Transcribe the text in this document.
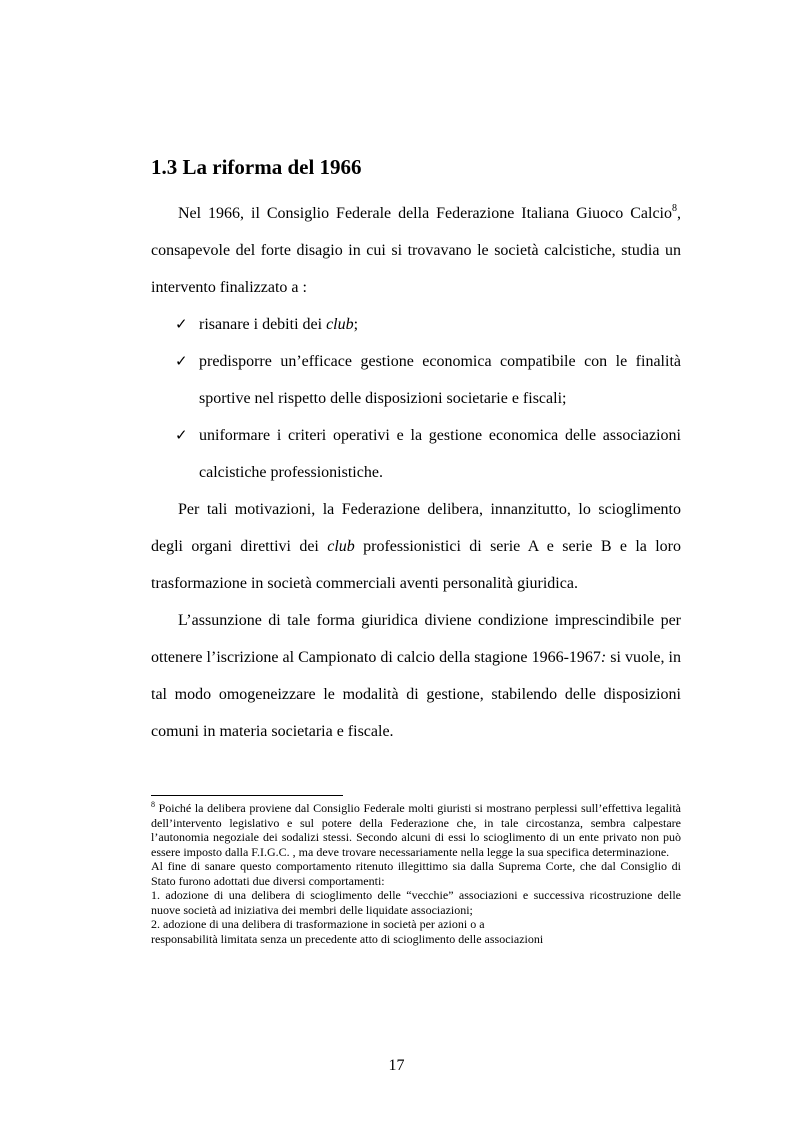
1.3 La riforma del 1966

Nel 1966, il Consiglio Federale della Federazione Italiana Giuoco Calcio$^8$, consapevole del forte disagio in cui si trovavano le società calcistiche, studia un intervento finalizzato a :

✓ risanare i debiti dei club;
✓ predisporre un’efficace gestione economica compatibile con le finalità sportive nel rispetto delle disposizioni societarie e fiscali;
✓ uniformare i criteri operativi e la gestione economica delle associazioni calcistiche professionistiche.

Per tali motivazioni, la Federazione delibera, innanzitutto, lo scioglimento degli organi direttivi dei club professionistici di serie A e serie B e la loro trasformazione in società commerciali aventi personalità giuridica.

L’assunzione di tale forma giuridica diviene condizione imprescindibile per ottenere l’iscrizione al Campionato di calcio della stagione 1966-1967: si vuole, in tal modo omogeneizzare le modalità di gestione, stabilendo delle disposizioni comuni in materia societaria e fiscale.

$^8$ Poiché la delibera proviene dal Consiglio Federale molti giuristi si mostrano perplessi sull’effettiva legalità dell’intervento legislativo e sul potere della Federazione che, in tale circostanza, sembra calpestare l’autonomia negoziale dei sodalizi stessi. Secondo alcuni di essi lo scioglimento di un ente privato non può essere imposto dalla F.I.G.C. , ma deve trovare necessariamente nella legge la sua specifica determinazione.

Al fine di sanare questo comportamento ritenuto illegittimo sia dalla Suprema Corte, che dal Consiglio di Stato furono adottati due diversi comportamenti:

1. adozione di una delibera di scioglimento delle “vecchie” associazioni e successiva ricostruzione delle nuove società ad iniziativa dei membri delle liquidate associazioni;

2. adozione di una delibera di trasformazione in società per azioni o a

responsabilità limitata senza un precedente atto di scioglimento delle associazioni

17
